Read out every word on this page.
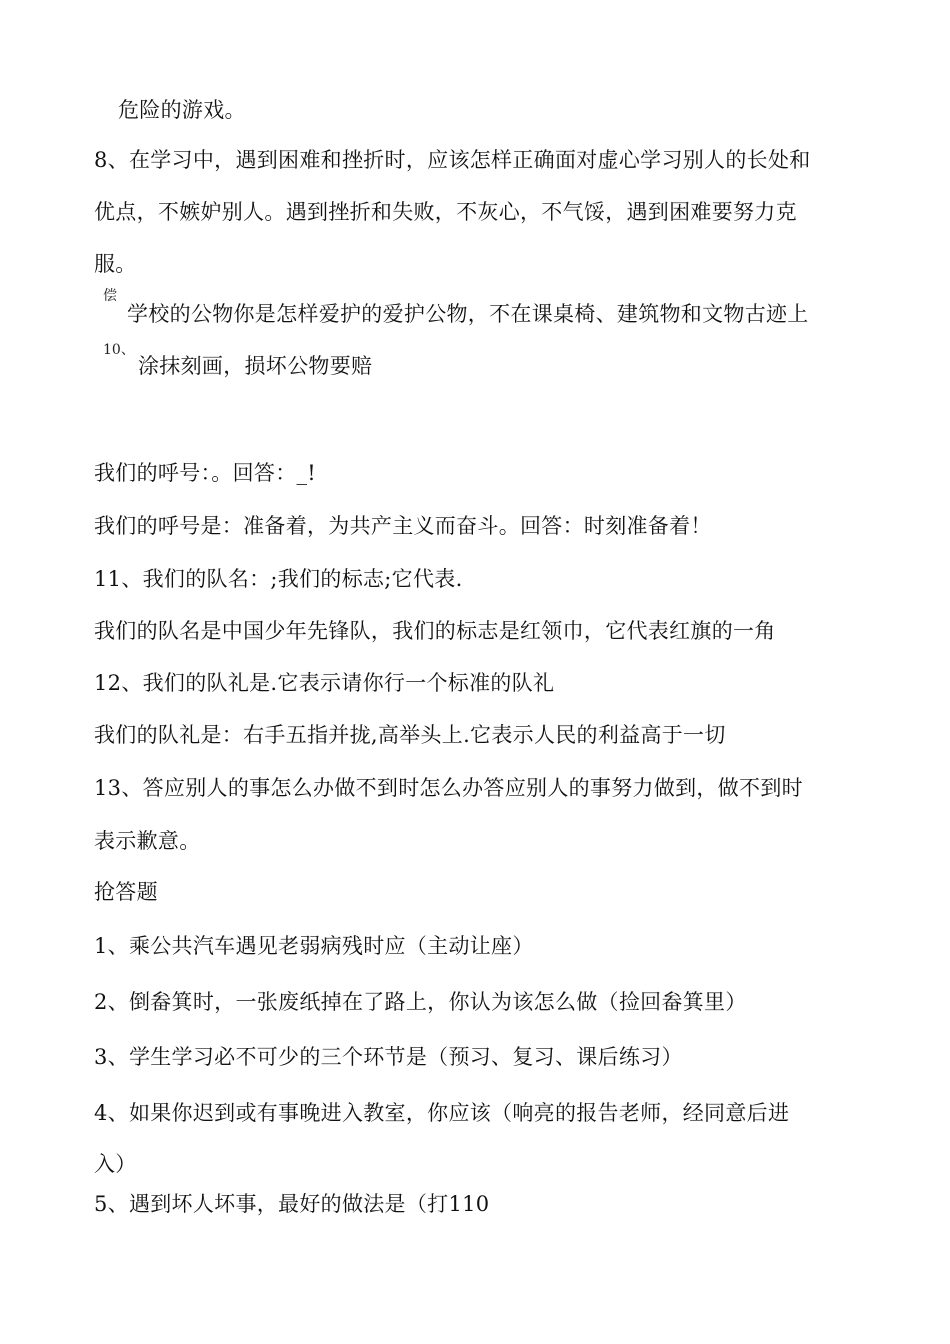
危险的游戏。
8、在学习中，遇到困难和挫折时，应该怎样正确面对虚心学习别人的长处和
优点，不嫉妒别人。遇到挫折和失败，不灰心，不气馁，遇到困难要努力克
服。
偿
学校的公物你是怎样爱护的爱护公物，不在课桌椅、建筑物和文物古迹上
10、
涂抹刻画，损坏公物要赔
我们的呼号：。回答：_!
我们的呼号是：准备着，为共产主义而奋斗。回答：时刻准备着！
11、我们的队名：;我们的标志;它代表.
我们的队名是中国少年先锋队，我们的标志是红领巾，它代表红旗的一角
12、我们的队礼是.它表示请你行一个标准的队礼
我们的队礼是：右手五指并拢,高举头上.它表示人民的利益高于一切
13、答应别人的事怎么办做不到时怎么办答应别人的事努力做到，做不到时
表示歉意。
抢答题
1、乘公共汽车遇见老弱病残时应（主动让座）
2、倒畚箕时，一张废纸掉在了路上，你认为该怎么做（捡回畚箕里）
3、学生学习必不可少的三个环节是（预习、复习、课后练习）
4、如果你迟到或有事晚进入教室，你应该（响亮的报告老师，经同意后进
入）
5、遇到坏人坏事，最好的做法是（打110
